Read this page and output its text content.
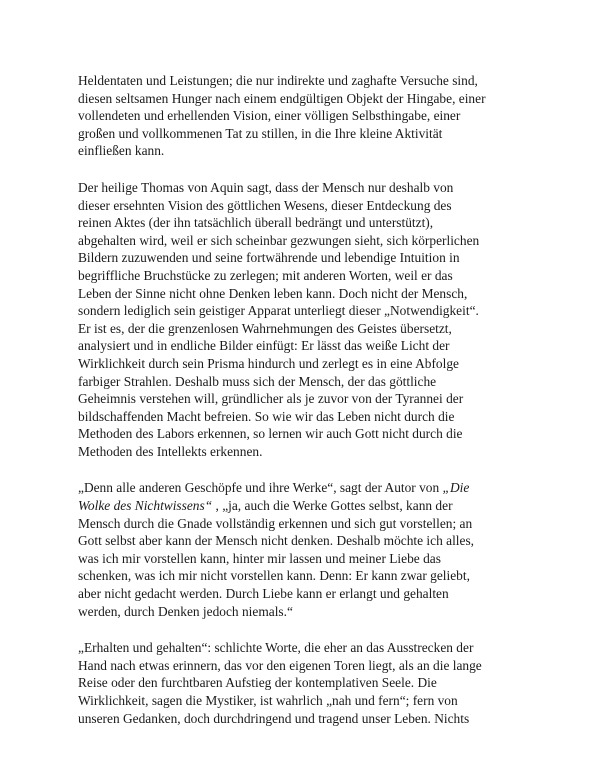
Heldentaten und Leistungen; die nur indirekte und zaghafte Versuche sind,
diesen seltsamen Hunger nach einem endgültigen Objekt der Hingabe, einer
vollendeten und erhellenden Vision, einer völligen Selbsthingabe, einer
großen und vollkommenen Tat zu stillen, in die Ihre kleine Aktivität
einfließen kann.

Der heilige Thomas von Aquin sagt, dass der Mensch nur deshalb von
dieser ersehnten Vision des göttlichen Wesens, dieser Entdeckung des
reinen Aktes (der ihn tatsächlich überall bedrängt und unterstützt),
abgehalten wird, weil er sich scheinbar gezwungen sieht, sich körperlichen
Bildern zuzuwenden und seine fortwährende und lebendige Intuition in
begriffliche Bruchstücke zu zerlegen; mit anderen Worten, weil er das
Leben der Sinne nicht ohne Denken leben kann. Doch nicht der Mensch,
sondern lediglich sein geistiger Apparat unterliegt dieser „Notwendigkeit“.
Er ist es, der die grenzenlosen Wahrnehmungen des Geistes übersetzt,
analysiert und in endliche Bilder einfügt: Er lässt das weiße Licht der
Wirklichkeit durch sein Prisma hindurch und zerlegt es in eine Abfolge
farbiger Strahlen. Deshalb muss sich der Mensch, der das göttliche
Geheimnis verstehen will, gründlicher als je zuvor von der Tyrannei der
bildschaffenden Macht befreien. So wie wir das Leben nicht durch die
Methoden des Labors erkennen, so lernen wir auch Gott nicht durch die
Methoden des Intellekts erkennen.

„Denn alle anderen Geschöpfe und ihre Werke“, sagt der Autor von „Die
Wolke des Nichtwissens“ , „ja, auch die Werke Gottes selbst, kann der
Mensch durch die Gnade vollständig erkennen und sich gut vorstellen; an
Gott selbst aber kann der Mensch nicht denken. Deshalb möchte ich alles,
was ich mir vorstellen kann, hinter mir lassen und meiner Liebe das
schenken, was ich mir nicht vorstellen kann. Denn: Er kann zwar geliebt,
aber nicht gedacht werden. Durch Liebe kann er erlangt und gehalten
werden, durch Denken jedoch niemals.“

„Erhalten und gehalten“: schlichte Worte, die eher an das Ausstrecken der
Hand nach etwas erinnern, das vor den eigenen Toren liegt, als an die lange
Reise oder den furchtbaren Aufstieg der kontemplativen Seele. Die
Wirklichkeit, sagen die Mystiker, ist wahrlich „nah und fern“; fern von
unseren Gedanken, doch durchdringend und tragend unser Leben. Nichts
